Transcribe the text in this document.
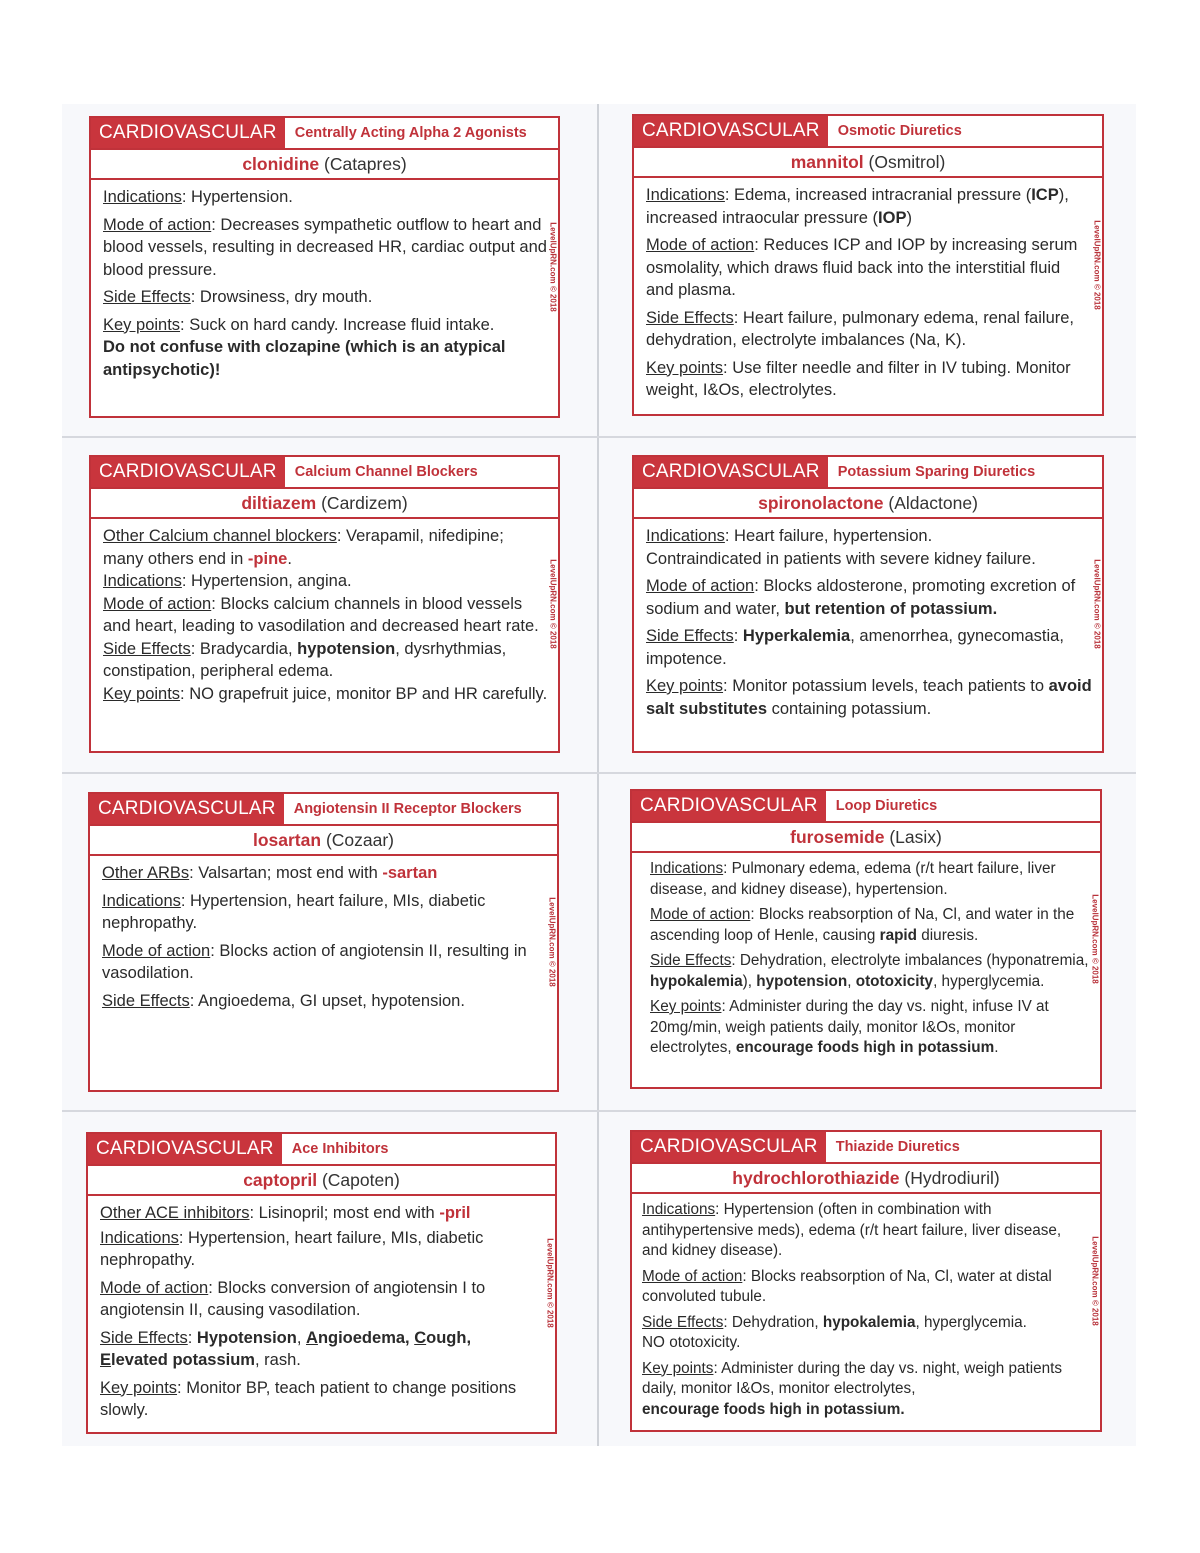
CARDIOVASCULAR	Centrally Acting Alpha 2 Agonists
clonidine
(Catapres)
Indications: Hypertension.
Mode of action: Decreases sympathetic outflow to heart and blood vessels, resulting in decreased HR, cardiac output and blood pressure.
Side Effects: Drowsiness, dry mouth.
Key points: Suck on hard candy. Increase fluid intake.
Do not confuse with clozapine (which is an atypical antipsychotic)!
LevelUpRN.com © 2018
CARDIOVASCULAR	Osmotic Diuretics
mannitol
(Osmitrol)
Indications: Edema, increased intracranial pressure (ICP), increased intraocular pressure (IOP)
Mode of action: Reduces ICP and IOP by increasing serum osmolality, which draws fluid back into the interstitial fluid and plasma.
Side Effects: Heart failure, pulmonary edema, renal failure, dehydration, electrolyte imbalances (Na, K).
Key points: Use filter needle and filter in IV tubing. Monitor weight, I&Os, electrolytes.
LevelUpRN.com © 2018
CARDIOVASCULAR	Calcium Channel Blockers
diltiazem
(Cardizem)
Other Calcium channel blockers: Verapamil, nifedipine; many others end in -pine.
Indications: Hypertension, angina.
Mode of action: Blocks calcium channels in blood vessels and heart, leading to vasodilation and decreased heart rate.
Side Effects: Bradycardia, hypotension, dysrhythmias, constipation, peripheral edema.
Key points: NO grapefruit juice, monitor BP and HR carefully.
LevelUpRN.com © 2018
CARDIOVASCULAR	Potassium Sparing Diuretics
spironolactone
(Aldactone)
Indications: Heart failure, hypertension.
Contraindicated in patients with severe kidney failure.
Mode of action: Blocks aldosterone, promoting excretion of sodium and water, but retention of potassium.
Side Effects: Hyperkalemia, amenorrhea, gynecomastia, impotence.
Key points: Monitor potassium levels, teach patients to avoid salt substitutes containing potassium.
LevelUpRN.com © 2018
CARDIOVASCULAR	Angiotensin II Receptor Blockers
losartan
(Cozaar)
Other ARBs: Valsartan; most end with -sartan
Indications: Hypertension, heart failure, MIs, diabetic nephropathy.
Mode of action: Blocks action of angiotensin II, resulting in vasodilation.
Side Effects: Angioedema, GI upset, hypotension.
LevelUpRN.com © 2018
CARDIOVASCULAR	Loop Diuretics
furosemide
(Lasix)
Indications: Pulmonary edema, edema (r/t heart failure, liver disease, and kidney disease), hypertension.
Mode of action: Blocks reabsorption of Na, Cl, and water in the ascending loop of Henle, causing rapid diuresis.
Side Effects: Dehydration, electrolyte imbalances (hyponatremia, hypokalemia), hypotension, ototoxicity, hyperglycemia.
Key points: Administer during the day vs. night, infuse IV at 20mg/min, weigh patients daily, monitor I&Os, monitor electrolytes, encourage foods high in potassium.
LevelUpRN.com © 2018
CARDIOVASCULAR	Ace Inhibitors
captopril
(Capoten)
Other ACE inhibitors: Lisinopril; most end with -pril
Indications: Hypertension, heart failure, MIs, diabetic nephropathy.
Mode of action: Blocks conversion of angiotensin I to angiotensin II, causing vasodilation.
Side Effects: Hypotension, Angioedema, Cough,
Elevated potassium, rash.
Key points: Monitor BP, teach patient to change positions slowly.
LevelUpRN.com © 2018
CARDIOVASCULAR	Thiazide Diuretics
hydrochlorothiazide
(Hydrodiuril)
Indications: Hypertension (often in combination with antihypertensive meds), edema (r/t heart failure, liver disease, and kidney disease).
Mode of action: Blocks reabsorption of Na, Cl, water at distal convoluted tubule.
Side Effects: Dehydration, hypokalemia, hyperglycemia.
NO ototoxicity.
Key points: Administer during the day vs. night, weigh patients daily, monitor I&Os, monitor electrolytes,
encourage foods high in potassium.
LevelUpRN.com © 2018
